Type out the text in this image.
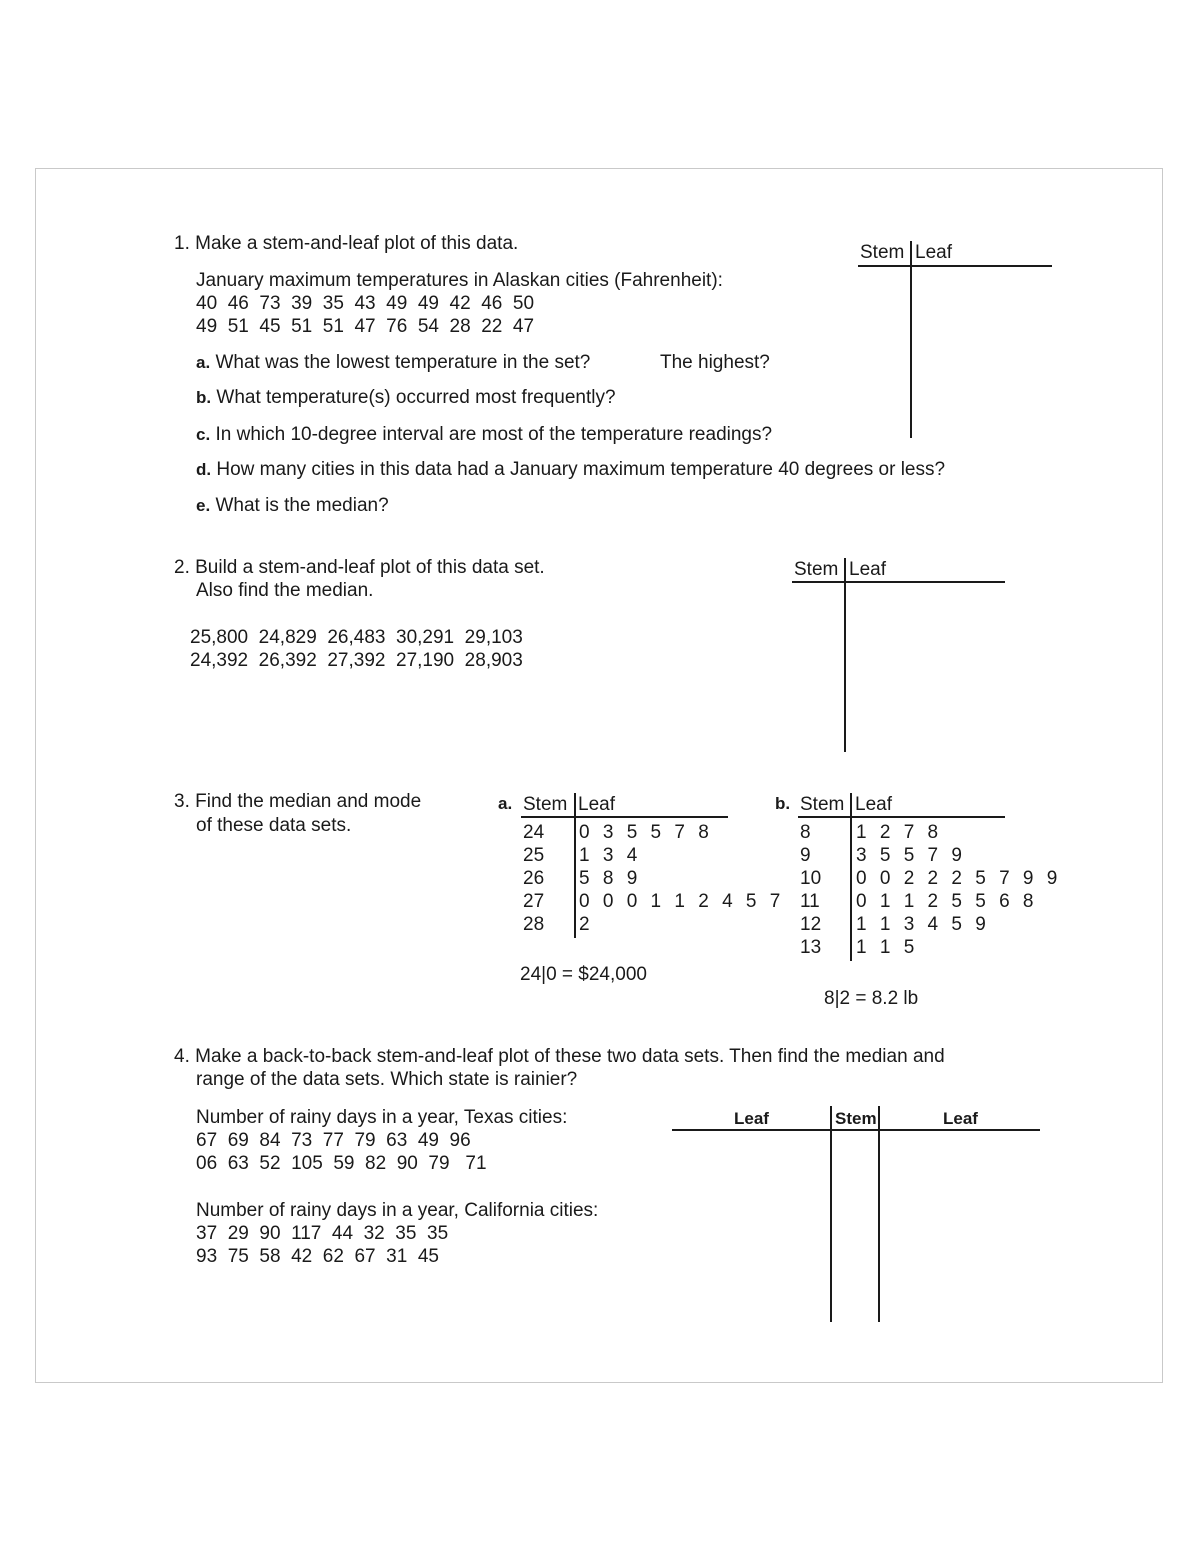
1. Make a stem-and-leaf plot of this data.
January maximum temperatures in Alaskan cities (Fahrenheit):
40  46  73  39  35  43  49  49  42  46  50
49  51  45  51  51  47  76  54  28  22  47
a. What was the lowest temperature in the set?	The highest?
b. What temperature(s) occurred most frequently?
c. In which 10-degree interval are most of the temperature readings?
d. How many cities in this data had a January maximum temperature 40 degrees or less?
e. What is the median?
Stem Leaf
2. Build a stem-and-leaf plot of this data set.
Also find the median.
25,800  24,829  26,483  30,291  29,103
24,392  26,392  27,392  27,190  28,903
Stem Leaf
3. Find the median and mode
of these data sets.
a. Stem Leaf
24 0 3 5 5 7 8
25 1 3 4
26 5 8 9
27 0 0 0 1 1 2 4 5 7
28 2
24|0 = $24,000
b. Stem Leaf
8 1 2 7 8
9 3 5 5 7 9
10 0 0 2 2 2 5 7 9 9
11 0 1 1 2 5 5 6 8
12 1 1 3 4 5 9
13 1 1 5
8|2 = 8.2 lb
4. Make a back-to-back stem-and-leaf plot of these two data sets. Then find the median and
range of the data sets. Which state is rainier?
Number of rainy days in a year, Texas cities:
67  69  84  73  77  79  63  49  96
06  63  52  105  59  82  90  79   71
Number of rainy days in a year, California cities:
37  29  90  117  44  32  35  35
93  75  58  42  62  67  31  45
Leaf	Stem	Leaf
